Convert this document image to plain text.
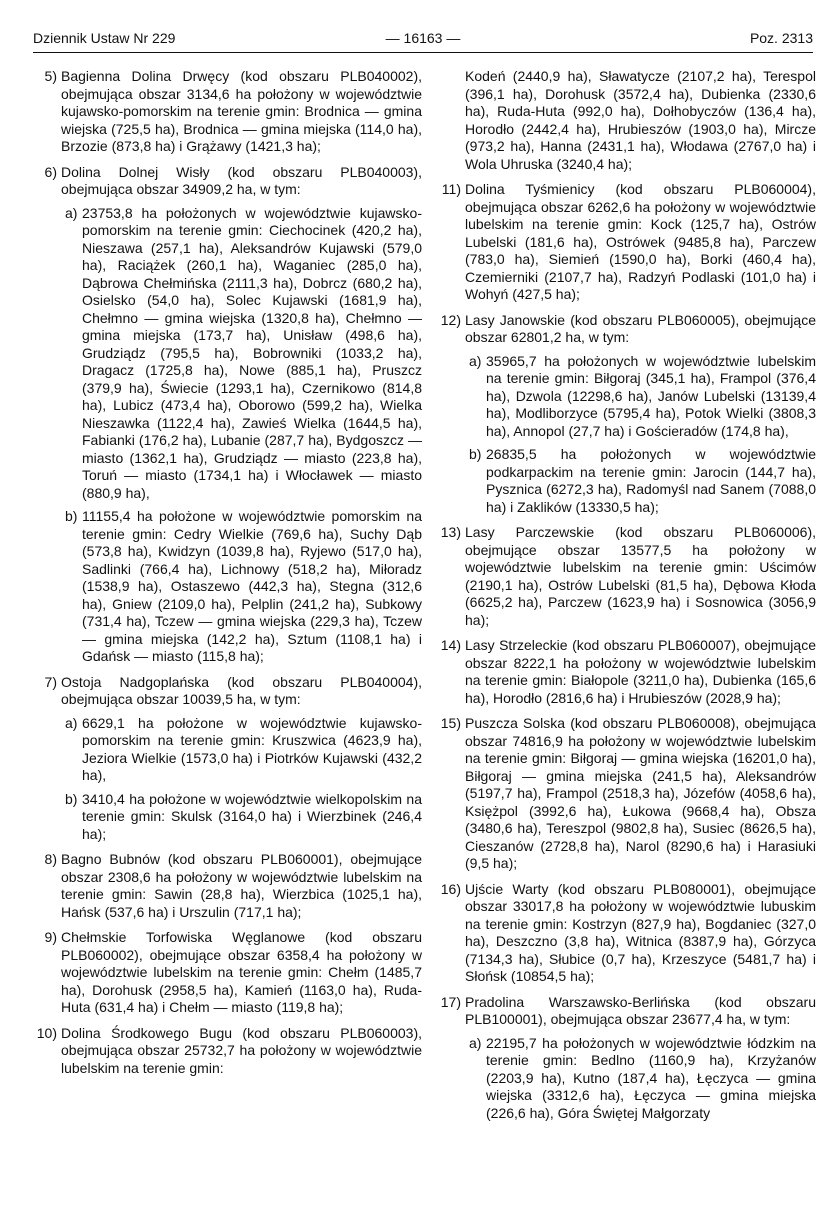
Dziennik Ustaw Nr 229	— 16163 —	Poz. 2313
5) Bagienna Dolina Drwęcy (kod obszaru PLB040002), obejmująca obszar 3134,6 ha położony w województwie kujawsko-pomorskim na terenie gmin: Brodnica — gmina wiejska (725,5 ha), Brodnica — gmina miejska (114,0 ha), Brzozie (873,8 ha) i Grążawy (1421,3 ha);
6) Dolina Dolnej Wisły (kod obszaru PLB040003), obejmująca obszar 34909,2 ha, w tym:
a) 23753,8 ha położonych w województwie kujawsko-pomorskim na terenie gmin: Ciechocinek (420,2 ha), Nieszawa (257,1 ha), Aleksandrów Kujawski (579,0 ha), Raciążek (260,1 ha), Waganiec (285,0 ha), Dąbrowa Chełmińska (2111,3 ha), Dobrcz (680,2 ha), Osielsko (54,0 ha), Solec Kujawski (1681,9 ha), Chełmno — gmina wiejska (1320,8 ha), Chełmno — gmina miejska (173,7 ha), Unisław (498,6 ha), Grudziądz (795,5 ha), Bobrowniki (1033,2 ha), Dragacz (1725,8 ha), Nowe (885,1 ha), Pruszcz (379,9 ha), Świecie (1293,1 ha), Czernikowo (814,8 ha), Lubicz (473,4 ha), Oborowo (599,2 ha), Wielka Nieszawka (1122,4 ha), Zawieś Wielka (1644,5 ha), Fabianki (176,2 ha), Lubanie (287,7 ha), Bydgoszcz — miasto (1362,1 ha), Grudziądz — miasto (223,8 ha), Toruń — miasto (1734,1 ha) i Włocławek — miasto (880,9 ha),
b) 11155,4 ha położone w województwie pomorskim na terenie gmin: Cedry Wielkie (769,6 ha), Suchy Dąb (573,8 ha), Kwidzyn (1039,8 ha), Ryjewo (517,0 ha), Sadlinki (766,4 ha), Lichnowy (518,2 ha), Miłoradz (1538,9 ha), Ostaszewo (442,3 ha), Stegna (312,6 ha), Gniew (2109,0 ha), Pelplin (241,2 ha), Subkowy (731,4 ha), Tczew — gmina wiejska (229,3 ha), Tczew — gmina miejska (142,2 ha), Sztum (1108,1 ha) i Gdańsk — miasto (115,8 ha);
7) Ostoja Nadgoplańska (kod obszaru PLB040004), obejmująca obszar 10039,5 ha, w tym:
a) 6629,1 ha położone w województwie kujawsko-pomorskim na terenie gmin: Kruszwica (4623,9 ha), Jeziora Wielkie (1573,0 ha) i Piotrków Kujawski (432,2 ha),
b) 3410,4 ha położone w województwie wielkopolskim na terenie gmin: Skulsk (3164,0 ha) i Wierzbinek (246,4 ha);
8) Bagno Bubnów (kod obszaru PLB060001), obejmujące obszar 2308,6 ha położony w województwie lubelskim na terenie gmin: Sawin (28,8 ha), Wierzbica (1025,1 ha), Hańsk (537,6 ha) i Urszulin (717,1 ha);
9) Chełmskie Torfowiska Węglanowe (kod obszaru PLB060002), obejmujące obszar 6358,4 ha położony w województwie lubelskim na terenie gmin: Chełm (1485,7 ha), Dorohusk (2958,5 ha), Kamień (1163,0 ha), Ruda-Huta (631,4 ha) i Chełm — miasto (119,8 ha);
10) Dolina Środkowego Bugu (kod obszaru PLB060003), obejmująca obszar 25732,7 ha położony w województwie lubelskim na terenie gmin:
Kodeń (2440,9 ha), Sławatycze (2107,2 ha), Terespol (396,1 ha), Dorohusk (3572,4 ha), Dubienka (2330,6 ha), Ruda-Huta (992,0 ha), Dołhobyczów (136,4 ha), Horodło (2442,4 ha), Hrubieszów (1903,0 ha), Mircze (973,2 ha), Hanna (2431,1 ha), Włodawa (2767,0 ha) i Wola Uhruska (3240,4 ha);
11) Dolina Tyśmienicy (kod obszaru PLB060004), obejmująca obszar 6262,6 ha położony w województwie lubelskim na terenie gmin: Kock (125,7 ha), Ostrów Lubelski (181,6 ha), Ostrówek (9485,8 ha), Parczew (783,0 ha), Siemień (1590,0 ha), Borki (460,4 ha), Czemierniki (2107,7 ha), Radzyń Podlaski (101,0 ha) i Wohyń (427,5 ha);
12) Lasy Janowskie (kod obszaru PLB060005), obejmujące obszar 62801,2 ha, w tym:
a) 35965,7 ha położonych w województwie lubelskim na terenie gmin: Biłgoraj (345,1 ha), Frampol (376,4 ha), Dzwola (12298,6 ha), Janów Lubelski (13139,4 ha), Modliborzyce (5795,4 ha), Potok Wielki (3808,3 ha), Annopol (27,7 ha) i Gościeradów (174,8 ha),
b) 26835,5 ha położonych w województwie podkarpackim na terenie gmin: Jarocin (144,7 ha), Pysznica (6272,3 ha), Radomyśl nad Sanem (7088,0 ha) i Zaklików (13330,5 ha);
13) Lasy Parczewskie (kod obszaru PLB060006), obejmujące obszar 13577,5 ha położony w województwie lubelskim na terenie gmin: Uścimów (2190,1 ha), Ostrów Lubelski (81,5 ha), Dębowa Kłoda (6625,2 ha), Parczew (1623,9 ha) i Sosnowica (3056,9 ha);
14) Lasy Strzeleckie (kod obszaru PLB060007), obejmujące obszar 8222,1 ha położony w województwie lubelskim na terenie gmin: Białopole (3211,0 ha), Dubienka (165,6 ha), Horodło (2816,6 ha) i Hrubieszów (2028,9 ha);
15) Puszcza Solska (kod obszaru PLB060008), obejmująca obszar 74816,9 ha położony w województwie lubelskim na terenie gmin: Biłgoraj — gmina wiejska (16201,0 ha), Biłgoraj — gmina miejska (241,5 ha), Aleksandrów (5197,7 ha), Frampol (2518,3 ha), Józefów (4058,6 ha), Księżpol (3992,6 ha), Łukowa (9668,4 ha), Obsza (3480,6 ha), Tereszpol (9802,8 ha), Susiec (8626,5 ha), Cieszanów (2728,8 ha), Narol (8290,6 ha) i Harasiuki (9,5 ha);
16) Ujście Warty (kod obszaru PLB080001), obejmujące obszar 33017,8 ha położony w województwie lubuskim na terenie gmin: Kostrzyn (827,9 ha), Bogdaniec (327,0 ha), Deszczno (3,8 ha), Witnica (8387,9 ha), Górzyca (7134,3 ha), Słubice (0,7 ha), Krzeszyce (5481,7 ha) i Słońsk (10854,5 ha);
17) Pradolina Warszawsko-Berlińska (kod obszaru PLB100001), obejmująca obszar 23677,4 ha, w tym:
a) 22195,7 ha położonych w województwie łódzkim na terenie gmin: Bedlno (1160,9 ha), Krzyżanów (2203,9 ha), Kutno (187,4 ha), Łęczyca — gmina wiejska (3312,6 ha), Łęczyca — gmina miejska (226,6 ha), Góra Świętej Małgorzaty
